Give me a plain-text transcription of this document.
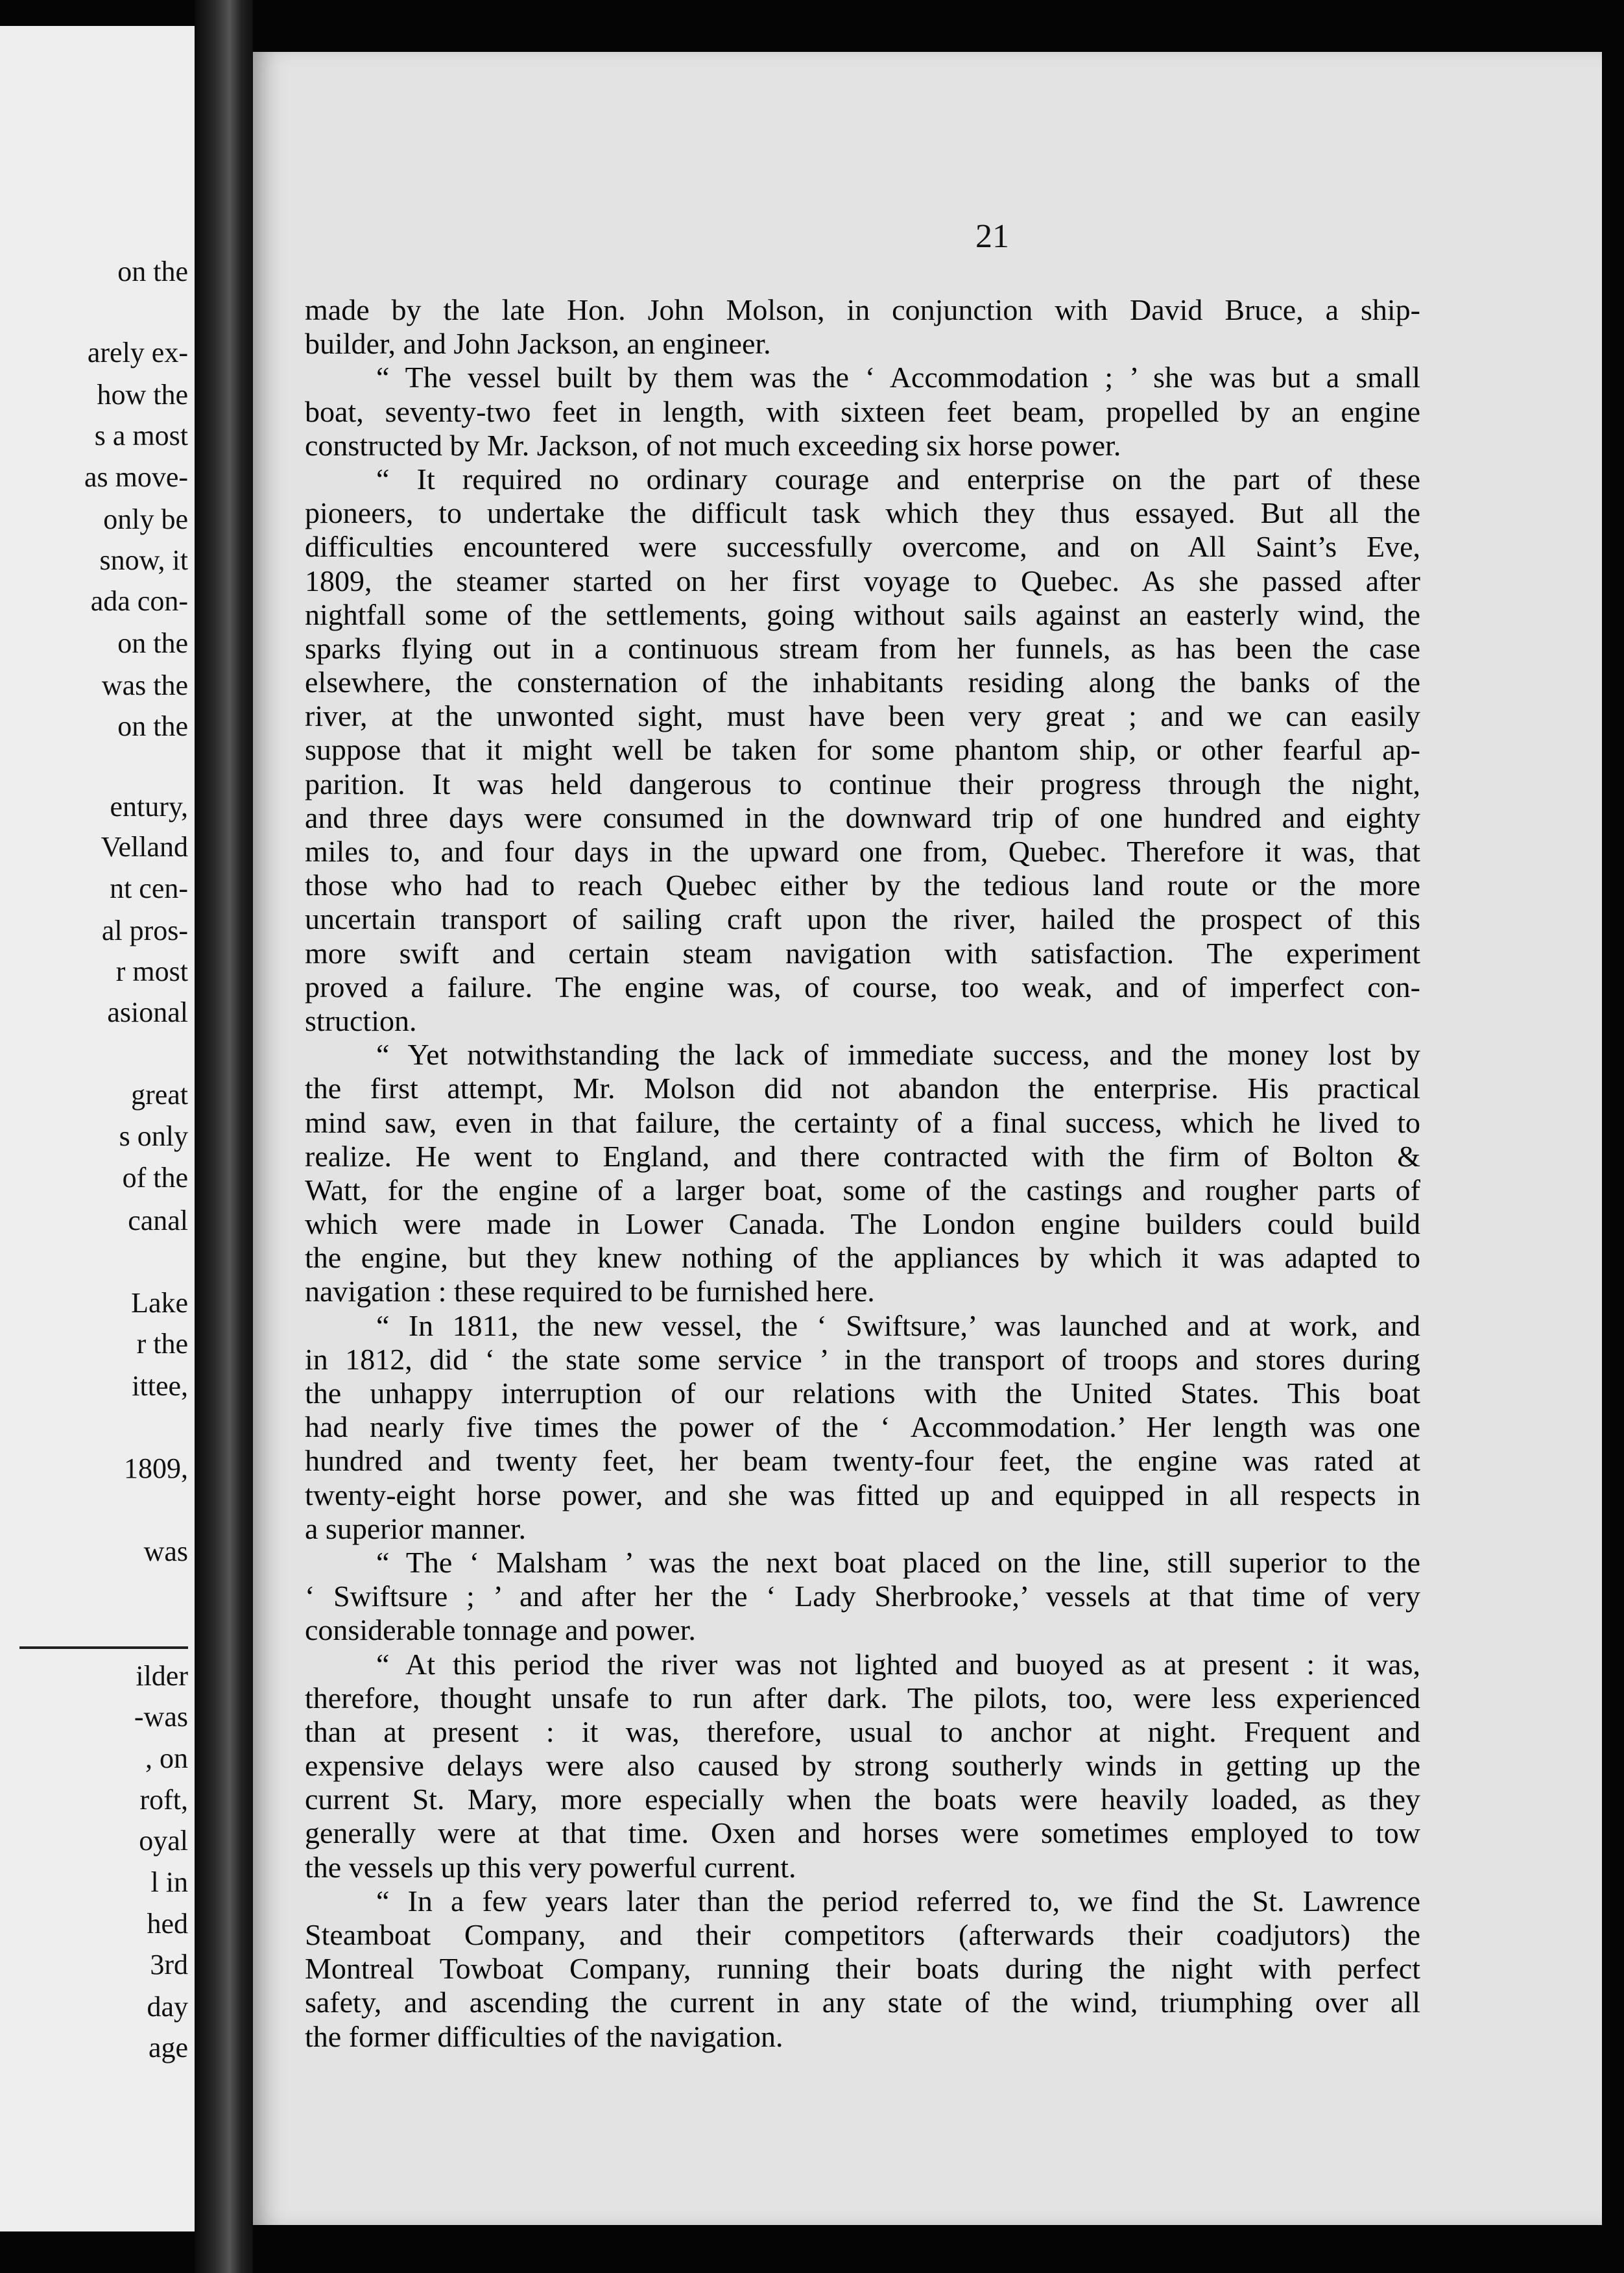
on the
arely ex-
how the
s a most
as move-
only be
snow, it
ada con-
on the
was the
on the
entury,
Velland
nt cen-
al pros-
r most
asional
great
s only
of the
canal
Lake
r the
ittee,
1809,
was
ilder
-was
, on
roft,
oyal
l in
hed
3rd
day
age
21
made by the late Hon. John Molson, in conjunction with David Bruce, a ship-
builder, and John Jackson, an engineer.
“ The vessel built by them was the ‘ Accommodation ; ’ she was but a small
boat, seventy-two feet in length, with sixteen feet beam, propelled by an engine
constructed by Mr. Jackson, of not much exceeding six horse power.
“ It required no ordinary courage and enterprise on the part of these
pioneers, to undertake the difficult task which they thus essayed. But all the
difficulties encountered were successfully overcome, and on All Saint’s Eve,
1809, the steamer started on her first voyage to Quebec. As she passed after
nightfall some of the settlements, going without sails against an easterly wind, the
sparks flying out in a continuous stream from her funnels, as has been the case
elsewhere, the consternation of the inhabitants residing along the banks of the
river, at the unwonted sight, must have been very great ; and we can easily
suppose that it might well be taken for some phantom ship, or other fearful ap-
parition. It was held dangerous to continue their progress through the night,
and three days were consumed in the downward trip of one hundred and eighty
miles to, and four days in the upward one from, Quebec. Therefore it was, that
those who had to reach Quebec either by the tedious land route or the more
uncertain transport of sailing craft upon the river, hailed the prospect of this
more swift and certain steam navigation with satisfaction. The experiment
proved a failure. The engine was, of course, too weak, and of imperfect con-
struction.
“ Yet notwithstanding the lack of immediate success, and the money lost by
the first attempt, Mr. Molson did not abandon the enterprise. His practical
mind saw, even in that failure, the certainty of a final success, which he lived to
realize. He went to England, and there contracted with the firm of Bolton &
Watt, for the engine of a larger boat, some of the castings and rougher parts of
which were made in Lower Canada. The London engine builders could build
the engine, but they knew nothing of the appliances by which it was adapted to
navigation : these required to be furnished here.
“ In 1811, the new vessel, the ‘ Swiftsure,’ was launched and at work, and
in 1812, did ‘ the state some service ’ in the transport of troops and stores during
the unhappy interruption of our relations with the United States. This boat
had nearly five times the power of the ‘ Accommodation.’ Her length was one
hundred and twenty feet, her beam twenty-four feet, the engine was rated at
twenty-eight horse power, and she was fitted up and equipped in all respects in
a superior manner.
“ The ‘ Malsham ’ was the next boat placed on the line, still superior to the
‘ Swiftsure ; ’ and after her the ‘ Lady Sherbrooke,’ vessels at that time of very
considerable tonnage and power.
“ At this period the river was not lighted and buoyed as at present : it was,
therefore, thought unsafe to run after dark. The pilots, too, were less experienced
than at present : it was, therefore, usual to anchor at night. Frequent and
expensive delays were also caused by strong southerly winds in getting up the
current St. Mary, more especially when the boats were heavily loaded, as they
generally were at that time. Oxen and horses were sometimes employed to tow
the vessels up this very powerful current.
“ In a few years later than the period referred to, we find the St. Lawrence
Steamboat Company, and their competitors (afterwards their coadjutors) the
Montreal Towboat Company, running their boats during the night with perfect
safety, and ascending the current in any state of the wind, triumphing over all
the former difficulties of the navigation.
